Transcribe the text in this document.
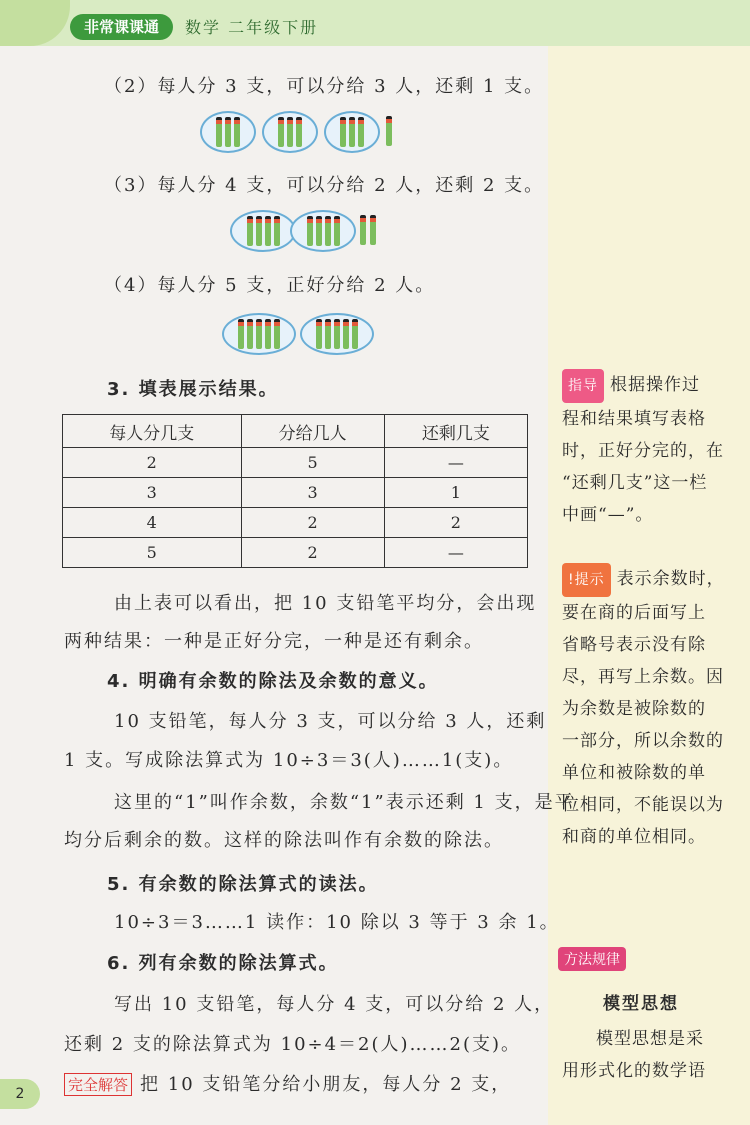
非常课课通	数学 二年级下册
（2）每人分 3 支，可以分给 3 人，还剩 1 支。
（3）每人分 4 支，可以分给 2 人，还剩 2 支。
（4）每人分 5 支，正好分给 2 人。
3. 填表展示结果。
每人分几支	分给几人	还剩几支
2	5	—
3	3	1
4	2	2
5	2	—
由上表可以看出，把 10 支铅笔平均分，会出现
两种结果：一种是正好分完，一种是还有剩余。
4. 明确有余数的除法及余数的意义。
10 支铅笔，每人分 3 支，可以分给 3 人，还剩
1 支。写成除法算式为 10÷3＝3(人)……1(支)。
这里的“1”叫作余数，余数“1”表示还剩 1 支，是平
均分后剩余的数。这样的除法叫作有余数的除法。
5. 有余数的除法算式的读法。
10÷3＝3……1 读作：10 除以 3 等于 3 余 1。
6. 列有余数的除法算式。
写出 10 支铅笔，每人分 4 支，可以分给 2 人，
还剩 2 支的除法算式为 10÷4＝2(人)……2(支)。
完全解答 把 10 支铅笔分给小朋友，每人分 2 支，
指导 根据操作过
程和结果填写表格
时，正好分完的，在
“还剩几支”这一栏
中画“—”。
!提示 表示余数时，
要在商的后面写上
省略号表示没有除
尽，再写上余数。因
为余数是被除数的
一部分，所以余数的
单位和被除数的单
位相同，不能误以为
和商的单位相同。
方法规律
模型思想
模型思想是采
用形式化的数学语
2
